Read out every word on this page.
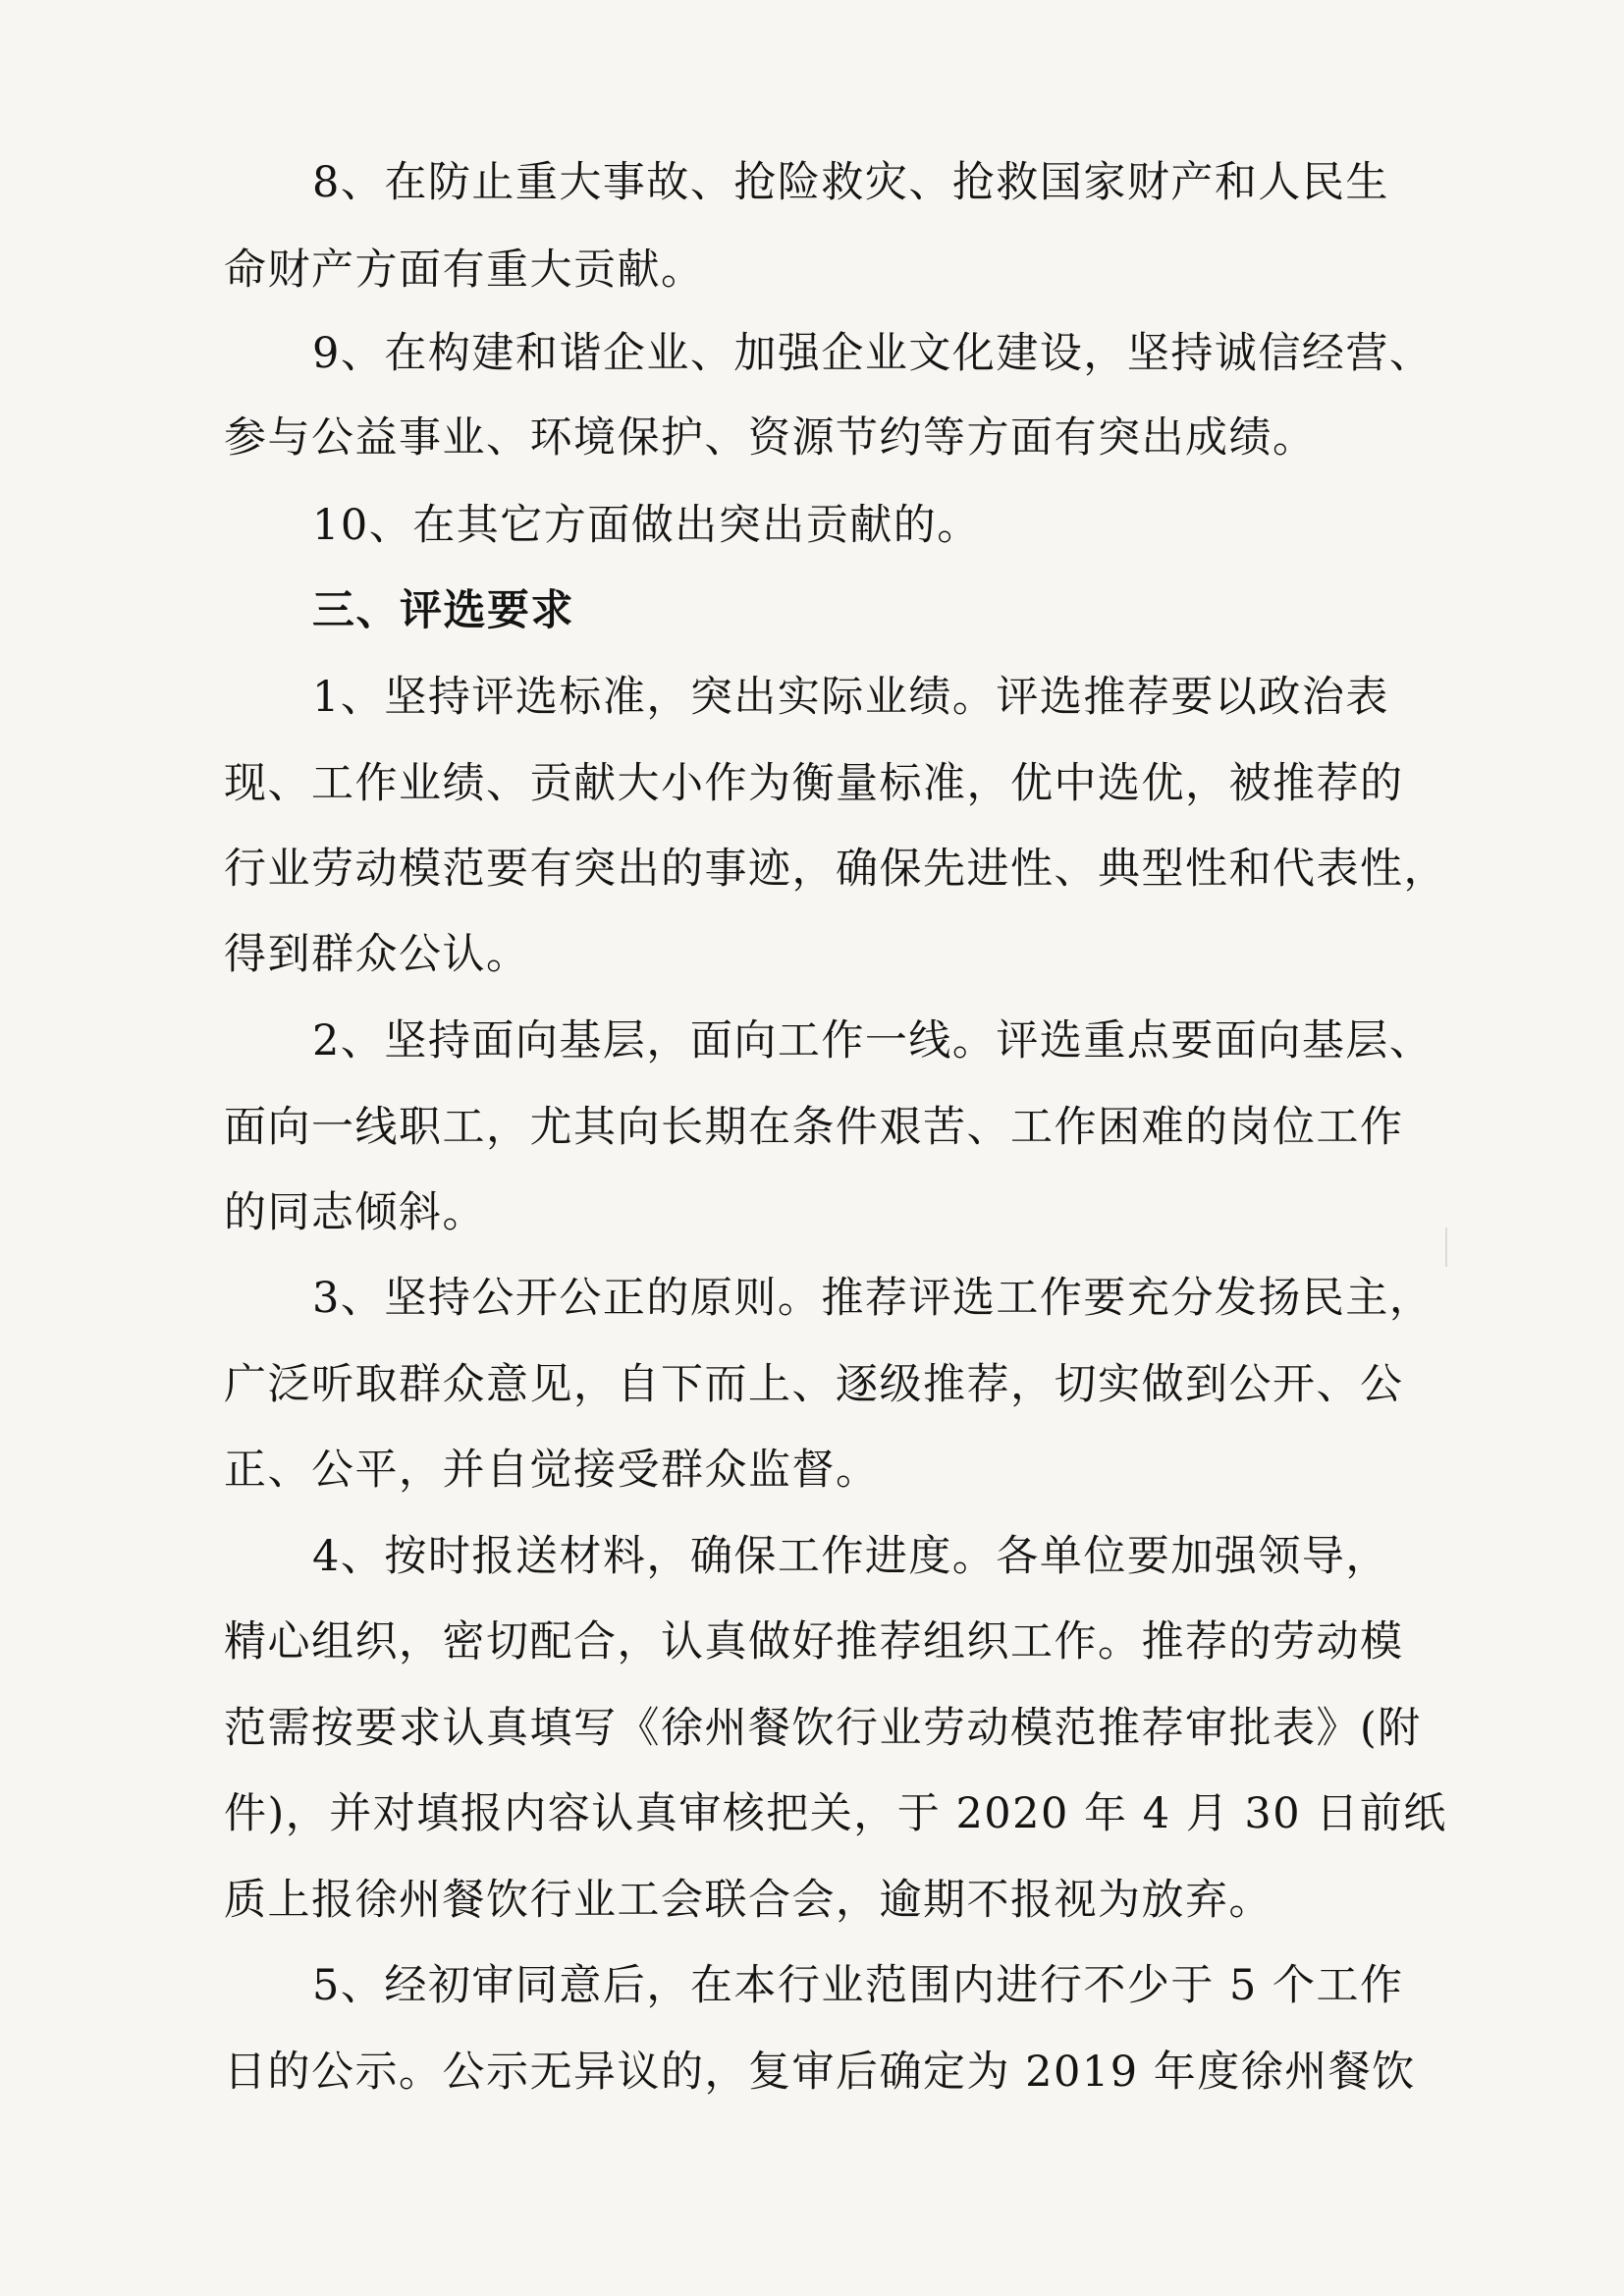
8、在防止重大事故、抢险救灾、抢救国家财产和人民生
命财产方面有重大贡献。
9、在构建和谐企业、加强企业文化建设，坚持诚信经营、
参与公益事业、环境保护、资源节约等方面有突出成绩。
10、在其它方面做出突出贡献的。
三、评选要求
1、坚持评选标准，突出实际业绩。评选推荐要以政治表
现、工作业绩、贡献大小作为衡量标准，优中选优，被推荐的
行业劳动模范要有突出的事迹，确保先进性、典型性和代表性，
得到群众公认。
2、坚持面向基层，面向工作一线。评选重点要面向基层、
面向一线职工，尤其向长期在条件艰苦、工作困难的岗位工作
的同志倾斜。
3、坚持公开公正的原则。推荐评选工作要充分发扬民主，
广泛听取群众意见，自下而上、逐级推荐，切实做到公开、公
正、公平，并自觉接受群众监督。
4、按时报送材料，确保工作进度。各单位要加强领导，
精心组织，密切配合，认真做好推荐组织工作。推荐的劳动模
范需按要求认真填写《徐州餐饮行业劳动模范推荐审批表》(附
件)，并对填报内容认真审核把关，于 2020 年 4 月 30 日前纸
质上报徐州餐饮行业工会联合会，逾期不报视为放弃。
5、经初审同意后，在本行业范围内进行不少于 5 个工作
日的公示。公示无异议的，复审后确定为 2019 年度徐州餐饮
